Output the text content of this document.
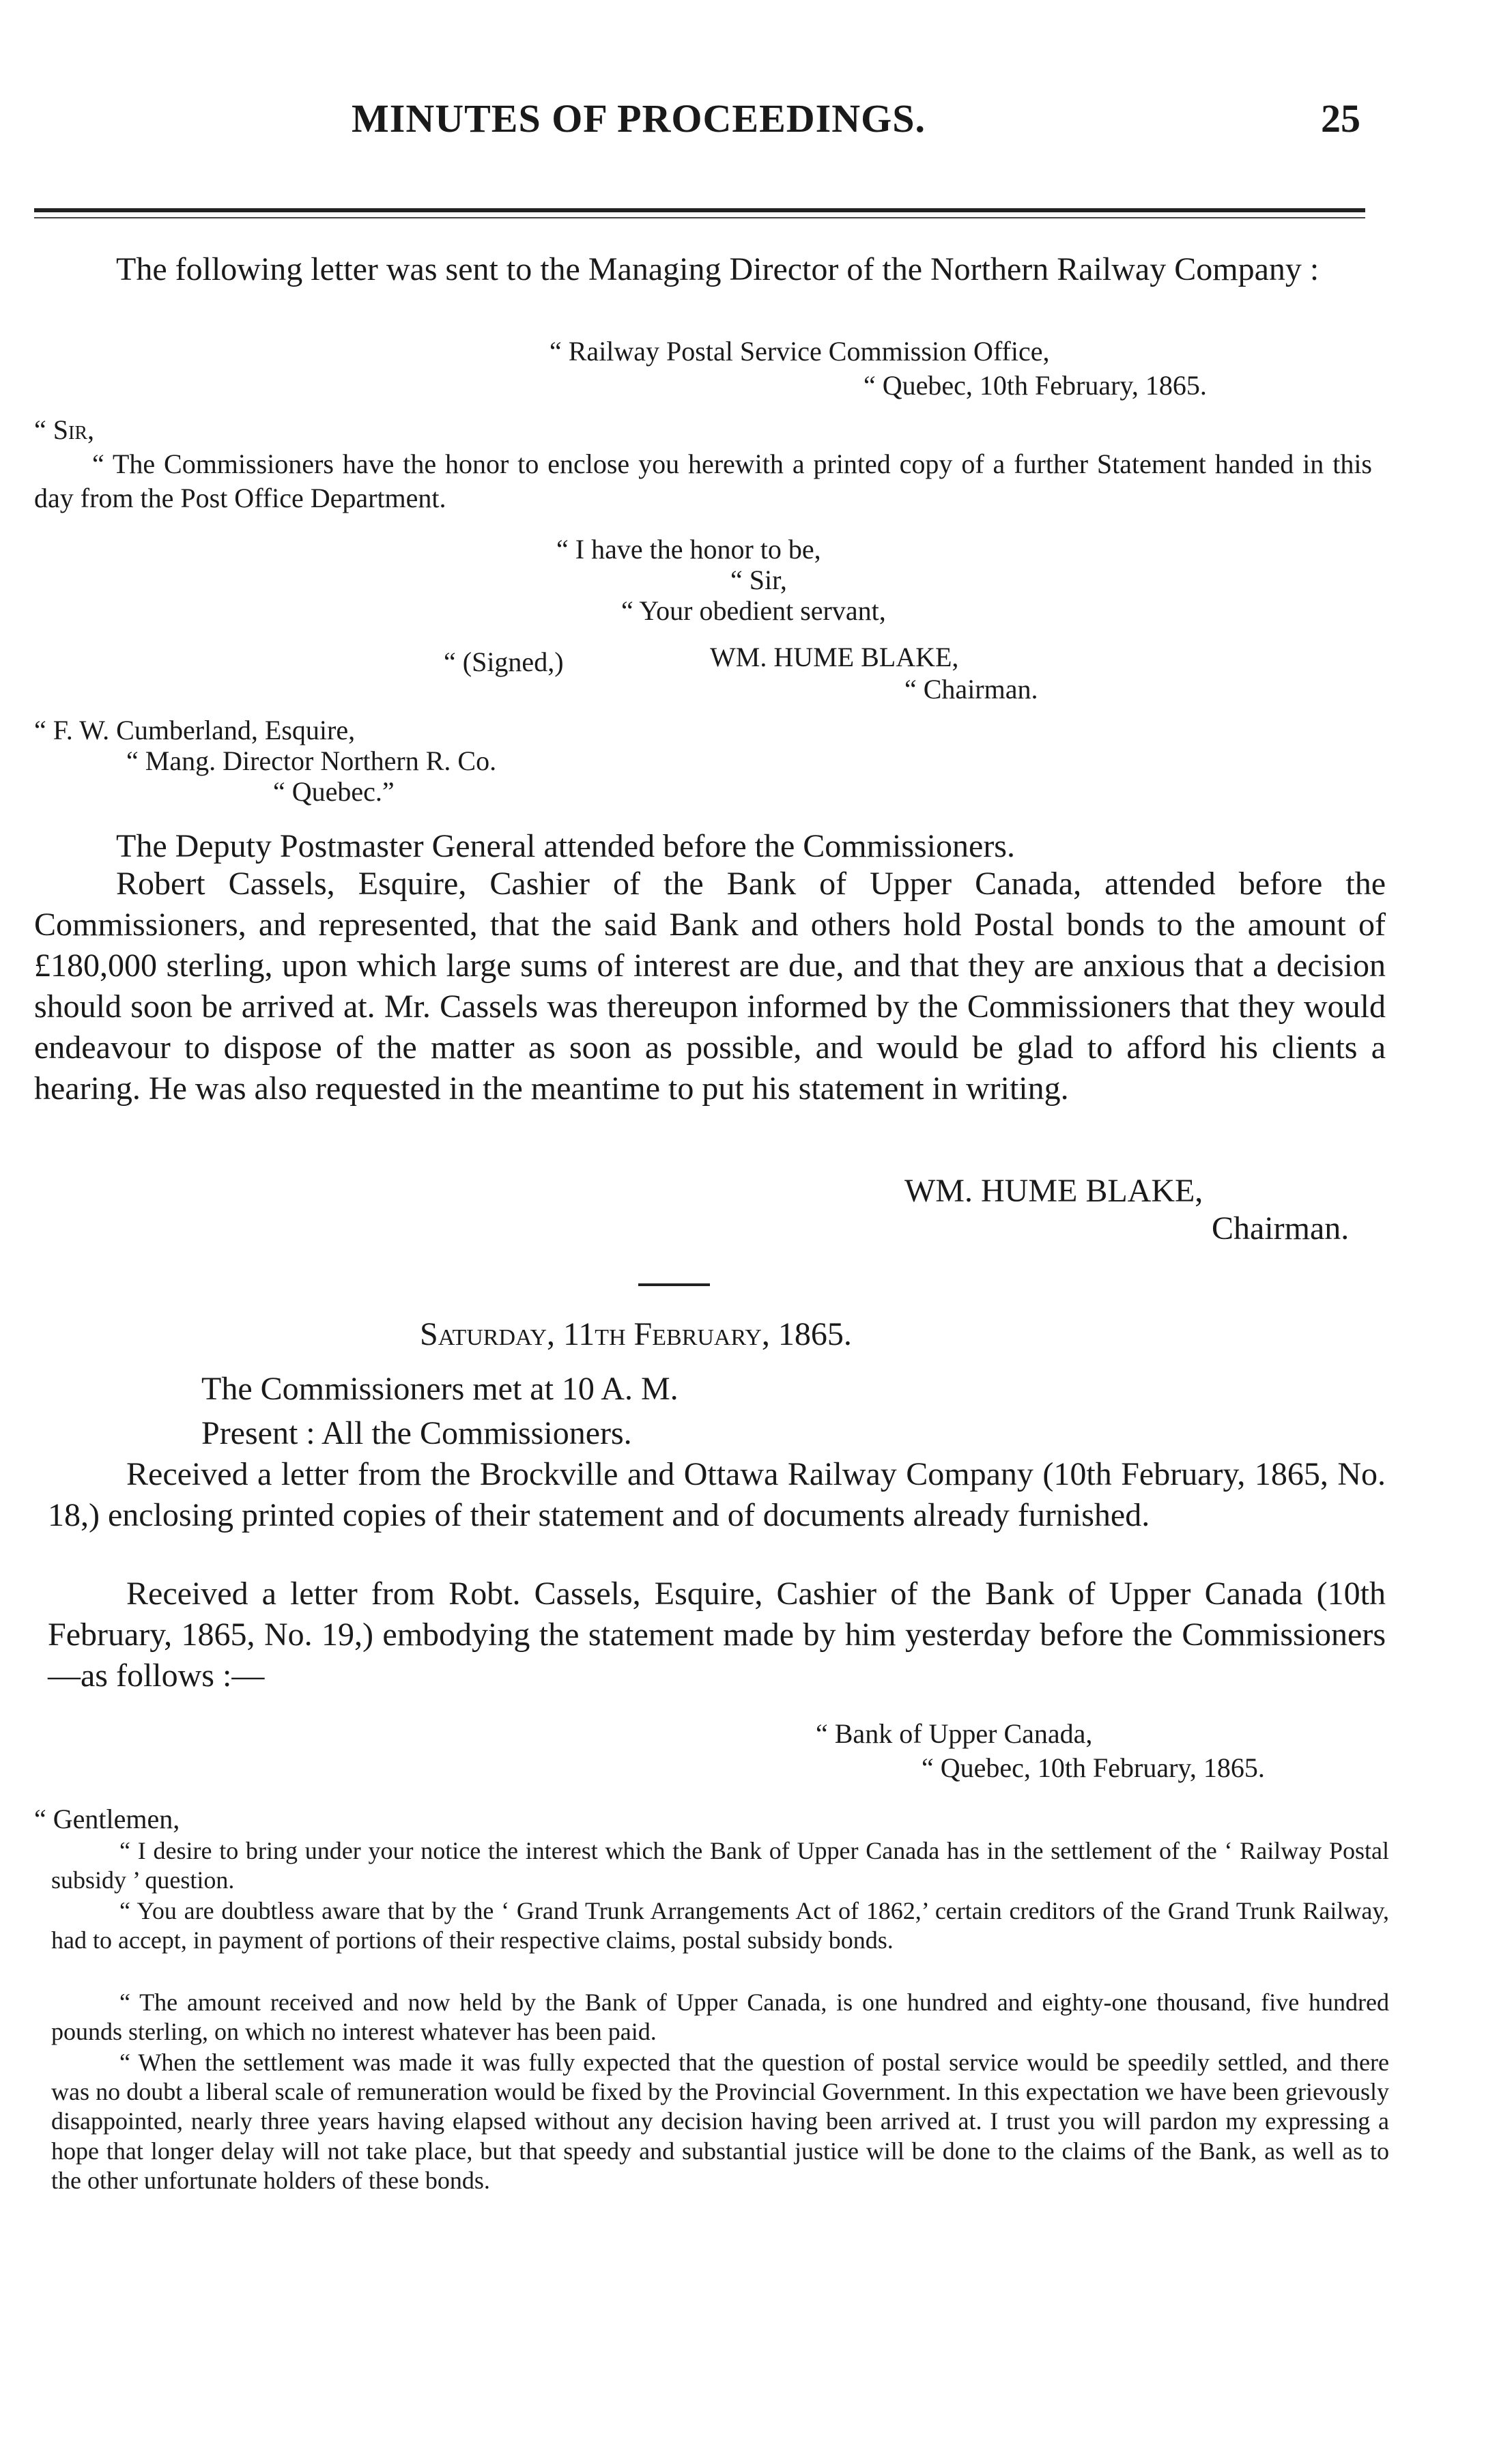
MINUTES OF PROCEEDINGS.	25
The following letter was sent to the Managing Director of the Northern Railway Company :
“ Railway Postal Service Commission Office,
“ Quebec, 10th February, 1865.
“ Sir,
“ The Commissioners have the honor to enclose you herewith a printed copy of a further Statement handed in this day from the Post Office Department.
“ I have the honor to be,
“ Sir,
“ Your obedient servant,
“ (Signed,)	WM. HUME BLAKE,
“ Chairman.
“ F. W. Cumberland, Esquire,
“ Mang. Director Northern R. Co.
“ Quebec.”
The Deputy Postmaster General attended before the Commissioners.
Robert Cassels, Esquire, Cashier of the Bank of Upper Canada, attended before the Commissioners, and represented, that the said Bank and others hold Postal bonds to the amount of £180,000 sterling, upon which large sums of interest are due, and that they are anxious that a decision should soon be arrived at. Mr. Cassels was thereupon informed by the Commissioners that they would endeavour to dispose of the matter as soon as possible, and would be glad to afford his clients a hearing. He was also requested in the meantime to put his statement in writing.
WM. HUME BLAKE,
Chairman.
Saturday, 11th February, 1865.
The Commissioners met at 10 A. M.
Present : All the Commissioners.
Received a letter from the Brockville and Ottawa Railway Company (10th February, 1865, No. 18,) enclosing printed copies of their statement and of documents already furnished.
Received a letter from Robt. Cassels, Esquire, Cashier of the Bank of Upper Canada (10th February, 1865, No. 19,) embodying the statement made by him yesterday before the Commissioners—as follows :—
“ Bank of Upper Canada,
“ Quebec, 10th February, 1865.
“ Gentlemen,
“ I desire to bring under your notice the interest which the Bank of Upper Canada has in the settlement of the ‘ Railway Postal subsidy ’ question.
“ You are doubtless aware that by the ‘ Grand Trunk Arrangements Act of 1862,’ certain creditors of the Grand Trunk Railway, had to accept, in payment of portions of their respective claims, postal subsidy bonds.
“ The amount received and now held by the Bank of Upper Canada, is one hundred and eighty-one thousand, five hundred pounds sterling, on which no interest whatever has been paid.
“ When the settlement was made it was fully expected that the question of postal service would be speedily settled, and there was no doubt a liberal scale of remuneration would be fixed by the Provincial Government. In this expectation we have been grievously disappointed, nearly three years having elapsed without any decision having been arrived at. I trust you will pardon my expressing a hope that longer delay will not take place, but that speedy and substantial justice will be done to the claims of the Bank, as well as to the other unfortunate holders of these bonds.
